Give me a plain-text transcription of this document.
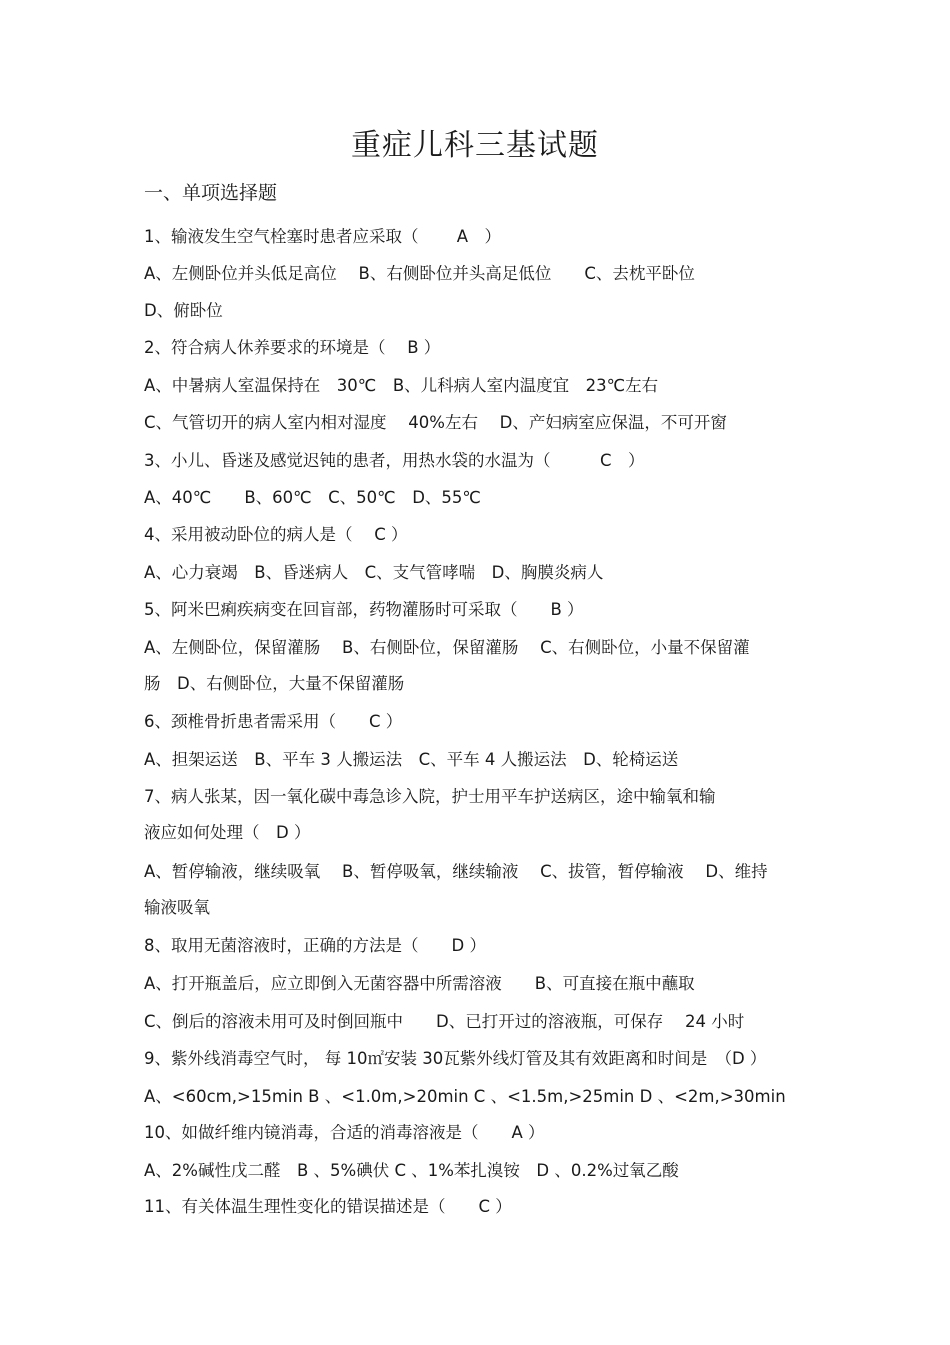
重症儿科三基试题
一、单项选择题
1、输液发生空气栓塞时患者应采取（　　 A　）
A、左侧卧位并头低足高位　 B、右侧卧位并头高足低位　　C、去枕平卧位
D、俯卧位
2、符合病人休养要求的环境是（　 B ）
A、中暑病人室温保持在　30℃　B、儿科病人室内温度宜　23℃左右
C、气管切开的病人室内相对湿度　 40%左右　 D、产妇病室应保温，不可开窗
3、小儿、昏迷及感觉迟钝的患者，用热水袋的水温为（　　　C　）
A、40℃　　B、60℃　C、50℃　D、55℃
4、采用被动卧位的病人是（　 C ）
A、心力衰竭　B、昏迷病人　C、支气管哮喘　D、胸膜炎病人
5、阿米巴痢疾病变在回盲部，药物灌肠时可采取（　　B ）
A、左侧卧位，保留灌肠　 B、右侧卧位，保留灌肠　 C、右侧卧位，小量不保留灌
肠　D、右侧卧位，大量不保留灌肠
6、颈椎骨折患者需采用（　　C ）
A、担架运送　B、平车 3 人搬运法　C、平车 4 人搬运法　D、轮椅运送
7、病人张某，因一氧化碳中毒急诊入院，护士用平车护送病区，途中输氧和输
液应如何处理（　D ）
A、暂停输液，继续吸氧　 B、暂停吸氧，继续输液　 C、拔管，暂停输液　 D、维持
输液吸氧
8、取用无菌溶液时，正确的方法是（　　D ）
A、打开瓶盖后，应立即倒入无菌容器中所需溶液　　B、可直接在瓶中蘸取
C、倒后的溶液未用可及时倒回瓶中　　D、已打开过的溶液瓶，可保存　 24 小时
9、紫外线消毒空气时， 每 10㎡安装 30瓦紫外线灯管及其有效距离和时间是　（D ）
A、<60cm,>15min B 、<1.0m,>20min C 、<1.5m,>25min D 、<2m,>30min
10、如做纤维内镜消毒，合适的消毒溶液是（　　A ）
A、2%碱性戊二醛　B 、5%碘伏 C 、1%苯扎溴铵　D 、0.2%过氧乙酸
11、有关体温生理性变化的错误描述是（　　C ）
